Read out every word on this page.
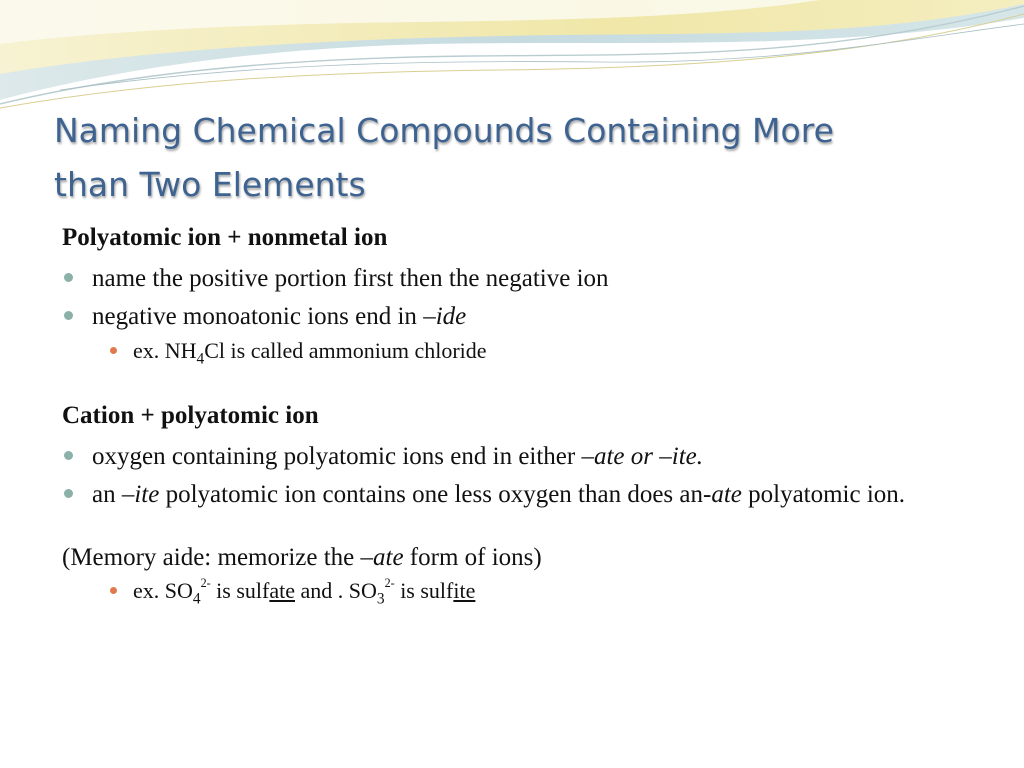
Naming Chemical Compounds Containing More
than Two Elements

Polyatomic ion + nonmetal ion

name the positive portion first then the negative ion

negative monoatonic ions end in –ide

ex. $NH_4Cl$ is called ammonium chloride

Cation + polyatomic ion

oxygen containing polyatomic ions end in either –ate or –ite.

an –ite polyatomic ion contains one less oxygen than does an-ate polyatomic ion.

(Memory aide: memorize the –ate form of ions)

ex. $SO_4^{2-}$ is sulfate and . $SO_3^{2-}$ is sulfite
